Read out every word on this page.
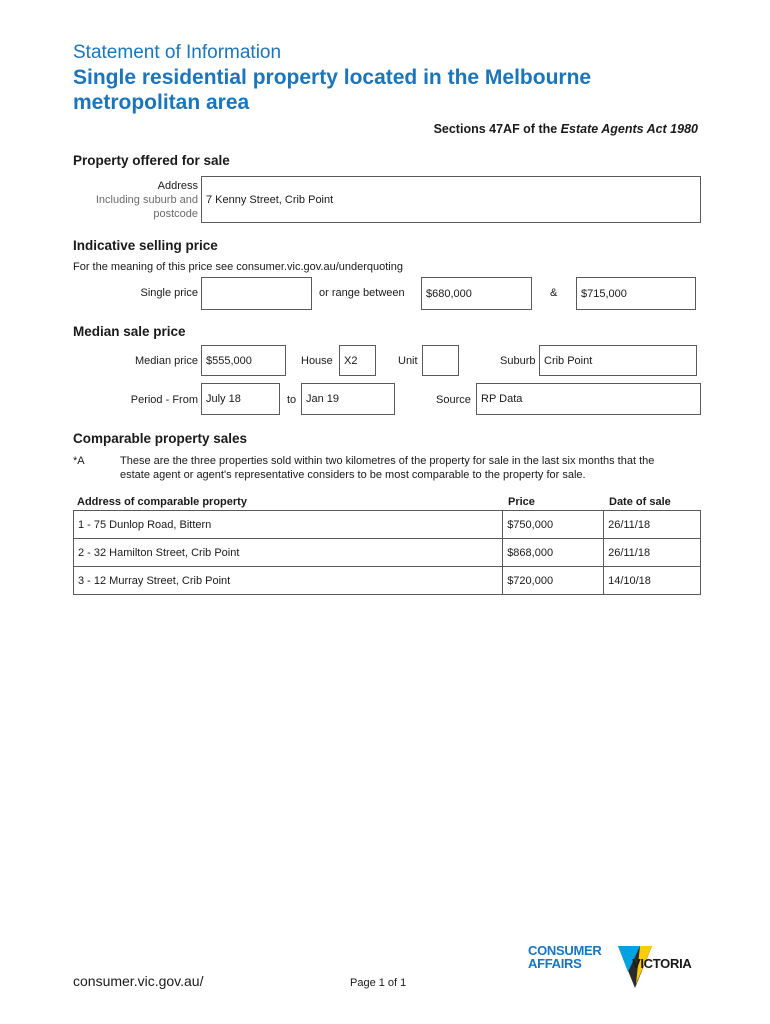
Statement of Information
Single residential property located in the Melbourne
metropolitan area
Sections 47AF of the Estate Agents Act 1980
Property offered for sale
Address
Including suburb and
postcode
7 Kenny Street, Crib Point
Indicative selling price
For the meaning of this price see consumer.vic.gov.au/underquoting
Single price	or range between	$680,000	&	$715,000
Median sale price
Median price $555,000	House	X2	Unit	Suburb Crib Point
Period - From July 18	to Jan 19	Source RP Data
Comparable property sales
*A	These are the three properties sold within two kilometres of the property for sale in the last six months that the
estate agent or agent's representative considers to be most comparable to the property for sale.
Address of comparable property	Price	Date of sale
1 - 75 Dunlop Road, Bittern	$750,000	26/11/18
2 - 32 Hamilton Street, Crib Point	$868,000	26/11/18
3 - 12 Murray Street, Crib Point	$720,000	14/10/18
consumer.vic.gov.au/	Page 1 of 1
CONSUMER
AFFAIRS	VICTORIA
